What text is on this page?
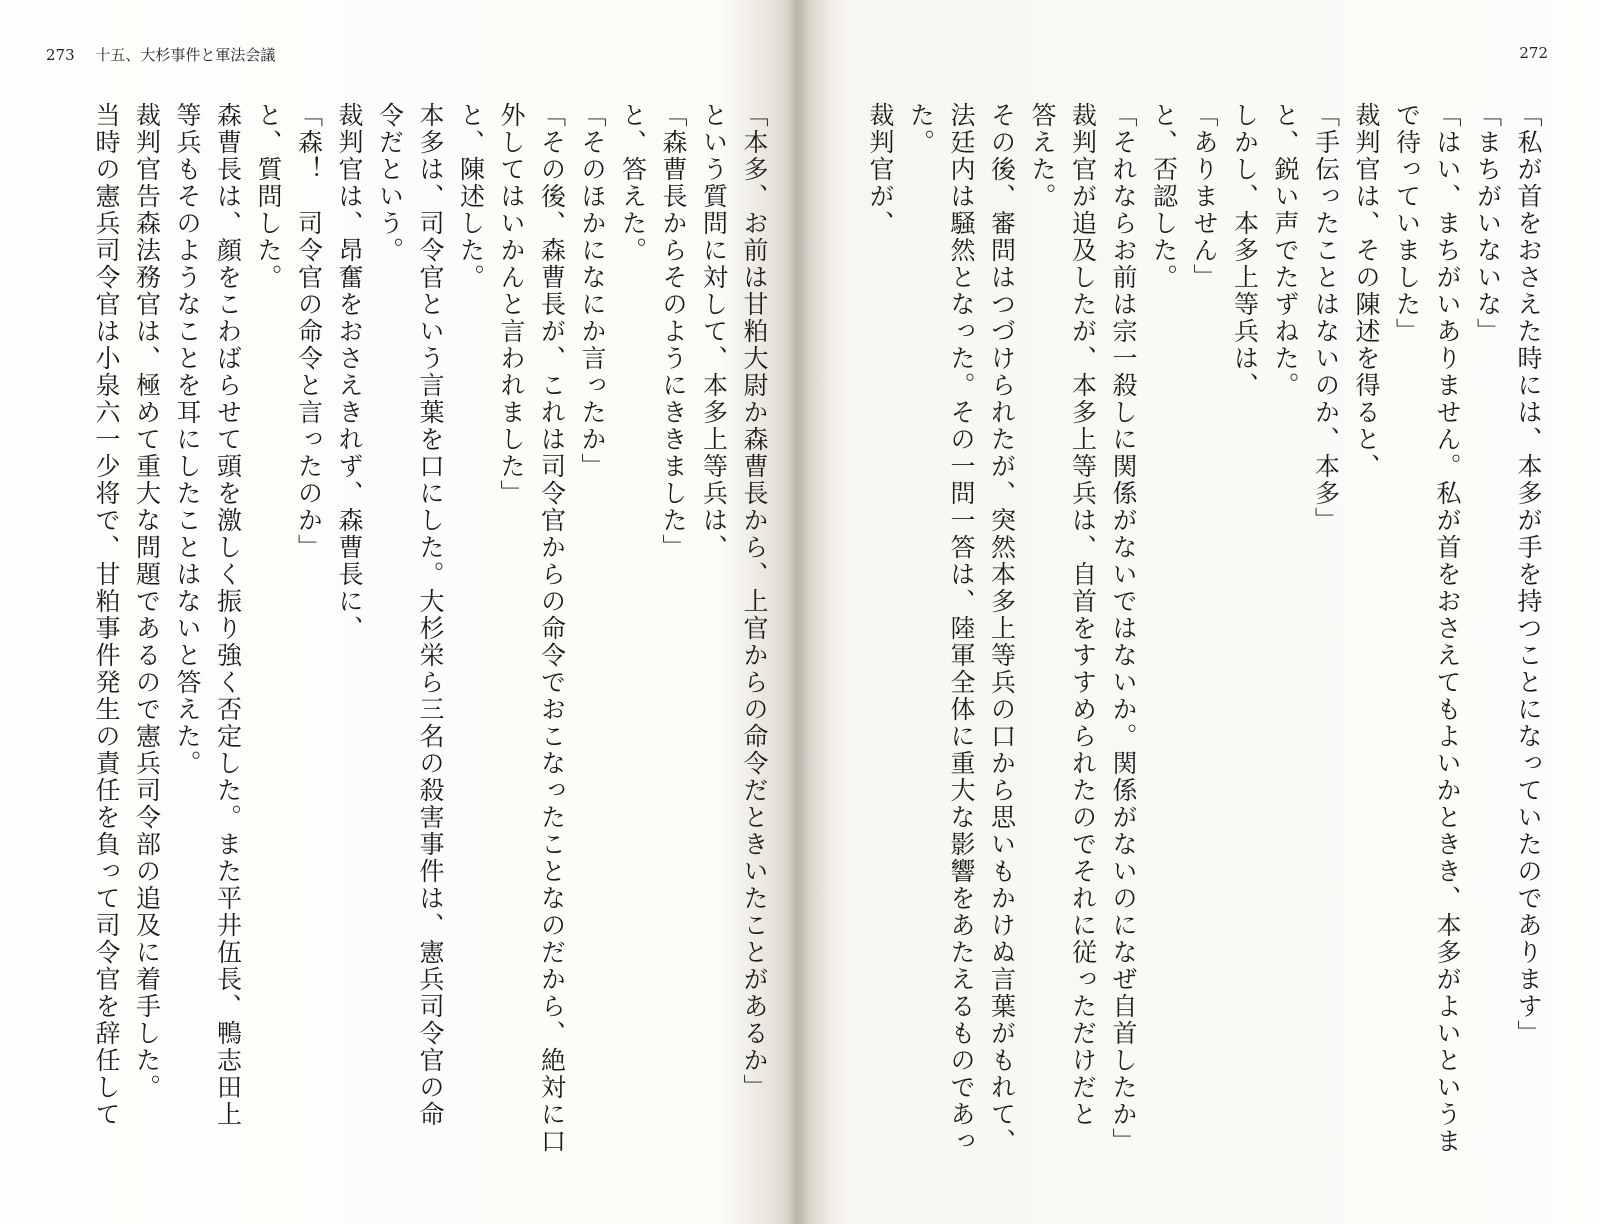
273 十五、大杉事件と軍法会議	272
「私が首をおさえた時には、本多が手を持つことになっていたのであります」
「まちがいないな」
「はい、まちがいありません。私が首をおさえてもよいかときき、本多がよいというま
で待っていました」
裁判官は、その陳述を得ると、
「手伝ったことはないのか、本多」
と、鋭い声でたずねた。
しかし、本多上等兵は、
「ありません」
と、否認した。
「それならお前は宗一殺しに関係がないではないか。関係がないのになぜ自首したか」
裁判官が追及したが、本多上等兵は、自首をすすめられたのでそれに従っただけだと
答えた。
その後、審問はつづけられたが、突然本多上等兵の口から思いもかけぬ言葉がもれて、
法廷内は騒然となった。その一問一答は、陸軍全体に重大な影響をあたえるものであっ
た。
裁判官が、
「本多、お前は甘粕大尉か森曹長から、上官からの命令だときいたことがあるか」
という質問に対して、本多上等兵は、
「森曹長からそのようにききました」
と、答えた。
「そのほかになにか言ったか」
「その後、森曹長が、これは司令官からの命令でおこなったことなのだから、絶対に口
外してはいかんと言われました」
と、陳述した。
本多は、司令官という言葉を口にした。大杉栄ら三名の殺害事件は、憲兵司令官の命
令だという。
裁判官は、昂奮をおさえきれず、森曹長に、
「森！　司令官の命令と言ったのか」
と、質問した。
森曹長は、顔をこわばらせて頭を激しく振り強く否定した。また平井伍長、鴨志田上
等兵もそのようなことを耳にしたことはないと答えた。
裁判官告森法務官は、極めて重大な問題であるので憲兵司令部の追及に着手した。
当時の憲兵司令官は小泉六一少将で、甘粕事件発生の責任を負って司令官を辞任して
